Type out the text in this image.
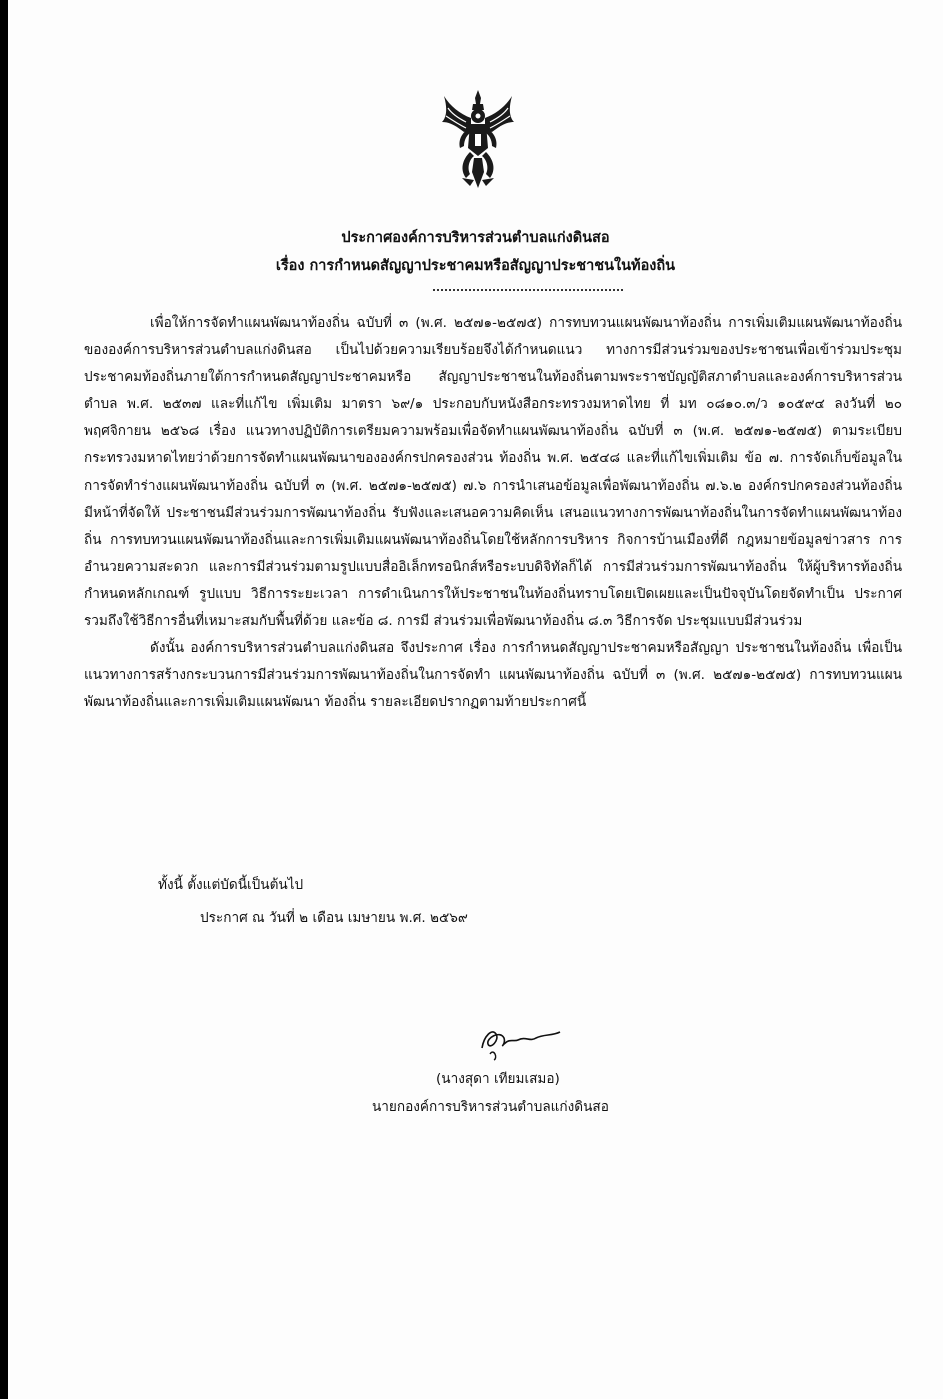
ประกาศองค์การบริหารส่วนตำบลแก่งดินสอ
เรื่อง การกำหนดสัญญาประชาคมหรือสัญญาประชาชนในท้องถิ่น

เพื่อให้การจัดทำแผนพัฒนาท้องถิ่น ฉบับที่ ๓ (พ.ศ. ๒๕๗๑-๒๕๗๕) การทบทวนแผนพัฒนาท้องถิ่น การเพิ่มเติมแผนพัฒนาท้องถิ่นขององค์การบริหารส่วนตำบลแก่งดินสอ เป็นไปด้วยความเรียบร้อยจึงได้กำหนดแนว ทางการมีส่วนร่วมของประชาชนเพื่อเข้าร่วมประชุมประชาคมท้องถิ่นภายใต้การกำหนดสัญญาประชาคมหรือ สัญญาประชาชนในท้องถิ่นตามพระราชบัญญัติสภาตำบลและองค์การบริหารส่วนตำบล พ.ศ. ๒๕๓๗ และที่แก้ไข เพิ่มเติม มาตรา ๖๙/๑ ประกอบกับหนังสือกระทรวงมหาดไทย ที่ มท ๐๘๑๐.๓/ว ๑๐๕๙๔ ลงวันที่ ๒๐ พฤศจิกายน ๒๕๖๘ เรื่อง แนวทางปฏิบัติการเตรียมความพร้อมเพื่อจัดทำแผนพัฒนาท้องถิ่น ฉบับที่ ๓ (พ.ศ. ๒๕๗๑-๒๕๗๕) ตามระเบียบกระทรวงมหาดไทยว่าด้วยการจัดทำแผนพัฒนาขององค์กรปกครองส่วน ท้องถิ่น พ.ศ. ๒๕๔๘ และที่แก้ไขเพิ่มเติม ข้อ ๗. การจัดเก็บข้อมูลในการจัดทำร่างแผนพัฒนาท้องถิ่น ฉบับที่ ๓ (พ.ศ. ๒๕๗๑-๒๕๗๕) ๗.๖ การนำเสนอข้อมูลเพื่อพัฒนาท้องถิ่น ๗.๖.๒ องค์กรปกครองส่วนท้องถิ่นมีหน้าที่จัดให้ ประชาชนมีส่วนร่วมการพัฒนาท้องถิ่น รับฟังและเสนอความคิดเห็น เสนอแนวทางการพัฒนาท้องถิ่นในการจัดทำแผนพัฒนาท้องถิ่น การทบทวนแผนพัฒนาท้องถิ่นและการเพิ่มเติมแผนพัฒนาท้องถิ่นโดยใช้หลักการบริหาร กิจการบ้านเมืองที่ดี กฎหมายข้อมูลข่าวสาร การอำนวยความสะดวก และการมีส่วนร่วมตามรูปแบบสื่ออิเล็กทรอนิกส์หรือระบบดิจิทัลก็ได้ การมีส่วนร่วมการพัฒนาท้องถิ่น ให้ผู้บริหารท้องถิ่นกำหนดหลักเกณฑ์ รูปแบบ วิธีการระยะเวลา การดำเนินการให้ประชาชนในท้องถิ่นทราบโดยเปิดเผยและเป็นปัจจุบันโดยจัดทำเป็น ประกาศรวมถึงใช้วิธีการอื่นที่เหมาะสมกับพื้นที่ด้วย และข้อ ๘. การมี ส่วนร่วมเพื่อพัฒนาท้องถิ่น ๘.๓ วิธีการจัด ประชุมแบบมีส่วนร่วม

ดังนั้น องค์การบริหารส่วนตำบลแก่งดินสอ จึงประกาศ เรื่อง การกำหนดสัญญาประชาคมหรือสัญญา ประชาชนในท้องถิ่น เพื่อเป็นแนวทางการสร้างกระบวนการมีส่วนร่วมการพัฒนาท้องถิ่นในการจัดทำ แผนพัฒนาท้องถิ่น ฉบับที่ ๓ (พ.ศ. ๒๕๗๑-๒๕๗๕) การทบทวนแผนพัฒนาท้องถิ่นและการเพิ่มเติมแผนพัฒนา ท้องถิ่น รายละเอียดปรากฏตามท้ายประกาศนี้

ทั้งนี้ ตั้งแต่บัดนี้เป็นต้นไป
ประกาศ ณ วันที่ ๒ เดือน เมษายน พ.ศ. ๒๕๖๙
(นางสุดา เทียมเสมอ)
นายกองค์การบริหารส่วนตำบลแก่งดินสอ
